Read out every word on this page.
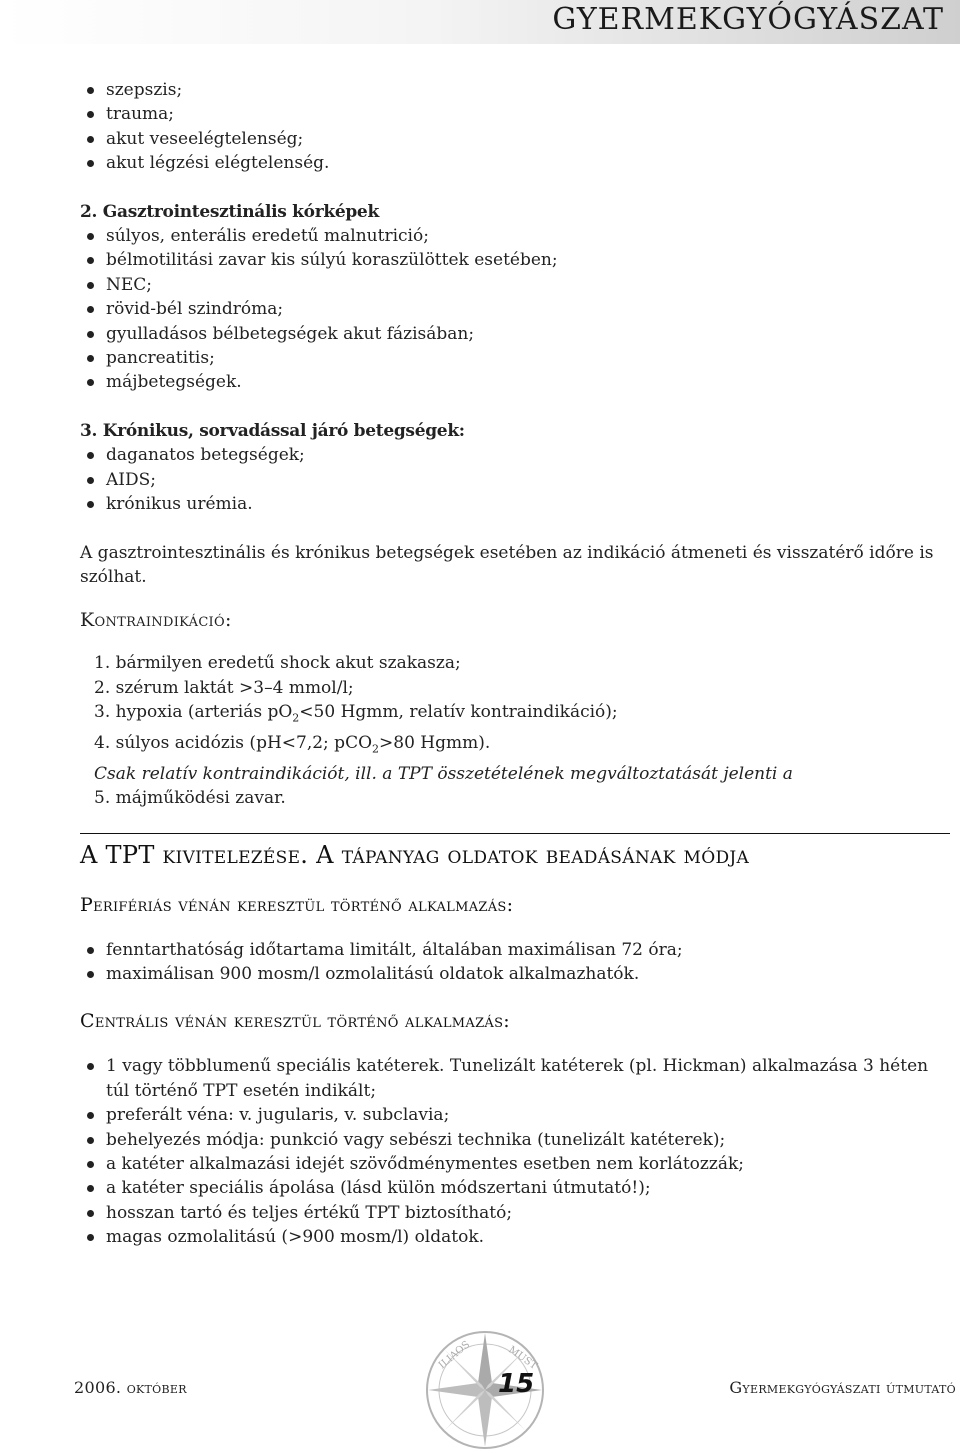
GYERMEKGYÓGYÁSZAT
szepszis;
trauma;
akut veseelégtelenség;
akut légzési elégtelenség.
2. Gasztrointesztinális kórképek
súlyos, enterális eredetű malnutrició;
bélmotilitási zavar kis súlyú koraszülöttek esetében;
NEC;
rövid-bél szindróma;
gyulladásos bélbetegségek akut fázisában;
pancreatitis;
májbetegségek.
3. Krónikus, sorvadással járó betegségek:
daganatos betegségek;
AIDS;
krónikus urémia.
A gasztrointesztinális és krónikus betegségek esetében az indikáció átmeneti és visszatérő időre is szólhat.
Kontraindikáció:
1. bármilyen eredetű shock akut szakasza;
2. szérum laktát >3–4 mmol/l;
3. hypoxia (arteriás $pO_2<50$ Hgmm, relatív kontraindikáció);
4. súlyos acidózis (pH<7,2; pCO$_2$>80 Hgmm).
Csak relatív kontraindikációt, ill. a TPT összetételének megváltoztatását jelenti a
5. májműködési zavar.
A TPT kivitelezése. A tápanyag oldatok beadásának módja
Perifériás vénán keresztül történő alkalmazás:
fenntarthatóság időtartama limitált, általában maximálisan 72 óra;
maximálisan 900 mosm/l ozmolalitású oldatok alkalmazhatók.
Centrális vénán keresztül történő alkalmazás:
1 vagy többlumenű speciális katéterek. Tunelizált katéterek (pl. Hickman) alkalmazása 3 héten túl történő TPT esetén indikált;
preferált véna: v. jugularis, v. subclavia;
behelyezés módja: punkció vagy sebészi technika (tunelizált katéterek);
a katéter alkalmazási idejét szövődménymentes esetben nem korlátozzák;
a katéter speciális ápolása (lásd külön módszertani útmutató!);
hosszan tartó és teljes értékű TPT biztosítható;
magas ozmolalitású (>900 mosm/l) oldatok.
ILIAOS	MUST
2006. október	15	Gyermekgyógyászati útmutató
